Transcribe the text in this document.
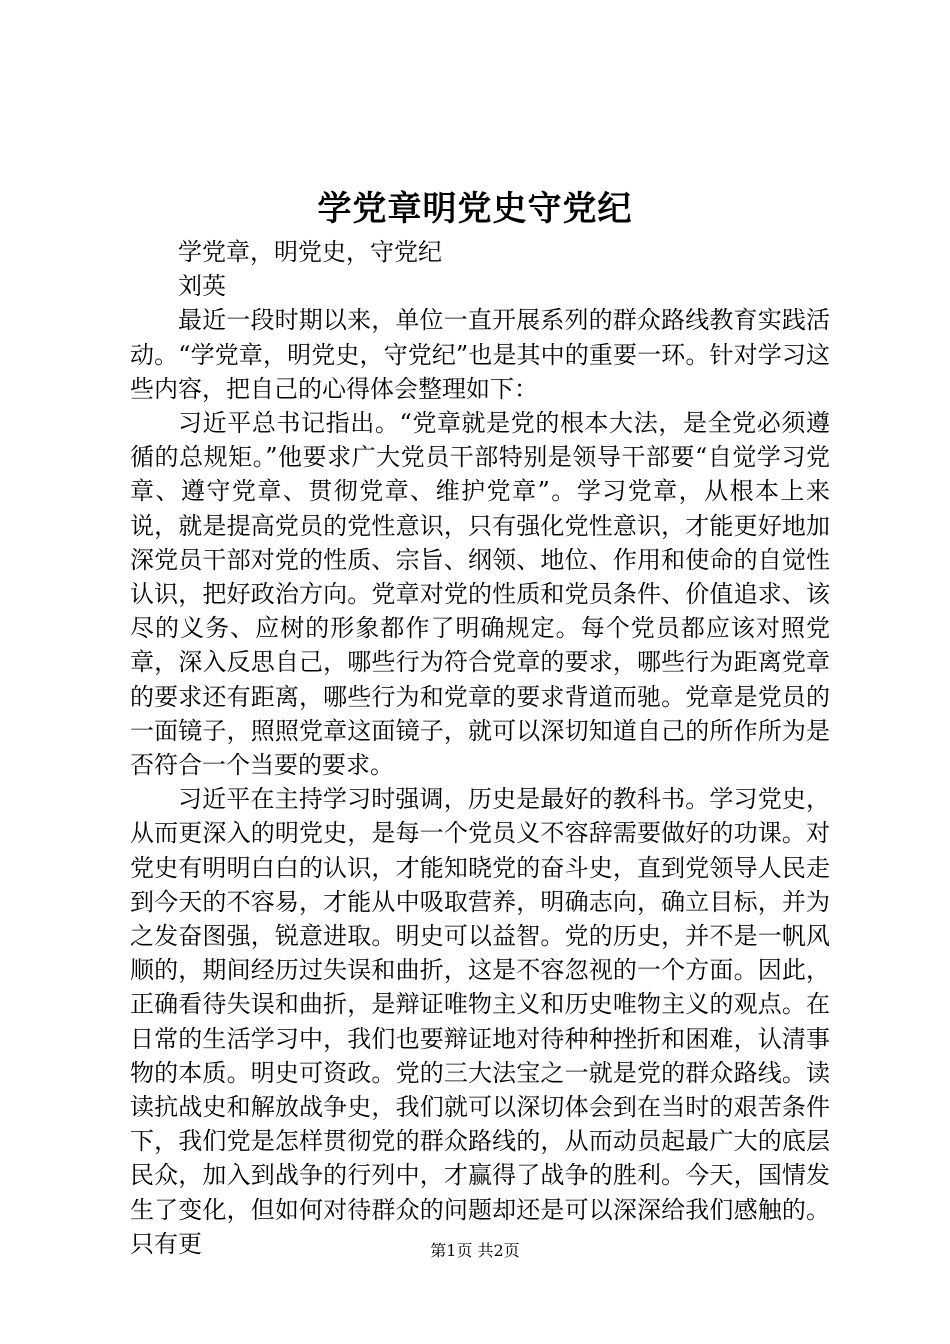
学党章明党史守党纪

学党章，明党史，守党纪

刘英

最近一段时期以来，单位一直开展系列的群众路线教育实践活动。“学党章，明党史，守党纪”也是其中的重要一环。针对学习这些内容，把自己的心得体会整理如下：

习近平总书记指出。“党章就是党的根本大法，是全党必须遵循的总规矩。”他要求广大党员干部特别是领导干部要“自觉学习党章、遵守党章、贯彻党章、维护党章”。学习党章，从根本上来说，就是提高党员的党性意识，只有强化党性意识，才能更好地加深党员干部对党的性质、宗旨、纲领、地位、作用和使命的自觉性认识，把好政治方向。党章对党的性质和党员条件、价值追求、该尽的义务、应树的形象都作了明确规定。每个党员都应该对照党章，深入反思自己，哪些行为符合党章的要求，哪些行为距离党章的要求还有距离，哪些行为和党章的要求背道而驰。党章是党员的一面镜子，照照党章这面镜子，就可以深切知道自己的所作所为是否符合一个当要的要求。

习近平在主持学习时强调，历史是最好的教科书。学习党史，从而更深入的明党史，是每一个党员义不容辞需要做好的功课。对党史有明明白白的认识，才能知晓党的奋斗史，直到党领导人民走到今天的不容易，才能从中吸取营养，明确志向，确立目标，并为之发奋图强，锐意进取。明史可以益智。党的历史，并不是一帆风顺的，期间经历过失误和曲折，这是不容忽视的一个方面。因此，正确看待失误和曲折，是辩证唯物主义和历史唯物主义的观点。在日常的生活学习中，我们也要辩证地对待种种挫折和困难，认清事物的本质。明史可资政。党的三大法宝之一就是党的群众路线。读读抗战史和解放战争史，我们就可以深切体会到在当时的艰苦条件下，我们党是怎样贯彻党的群众路线的，从而动员起最广大的底层民众，加入到战争的行列中，才赢得了战争的胜利。今天，国情发生了变化，但如何对待群众的问题却还是可以深深给我们感触的。只有更	第1页 共2页
